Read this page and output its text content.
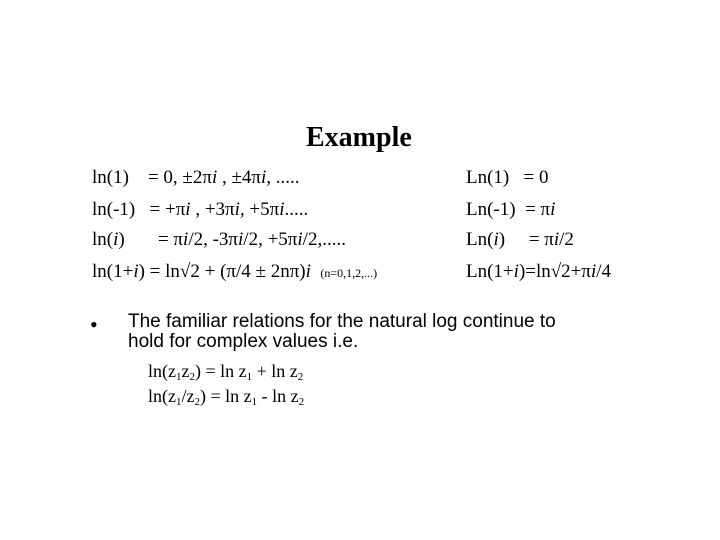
Example
ln(1)    = 0, ±2πi , ±4πi, .....	Ln(1)   = 0
ln(-1)   = +πi , +3πi, +5πi.....	Ln(-1)  = πi
ln(i)       = πi/2, -3πi/2, +5πi/2,.....	Ln(i)     = πi/2
ln(1+i) = ln√2 + (π/4 ± 2nπ)i (n=0,1,2,...)	Ln(1+i)=ln√2+πi/4
• The familiar relations for the natural log continue to
hold for complex values i.e.
$\ln(z_1z_2) = \ln z_1 + \ln z_2$
$\ln(z_1/z_2) = \ln z_1 - \ln z_2$
